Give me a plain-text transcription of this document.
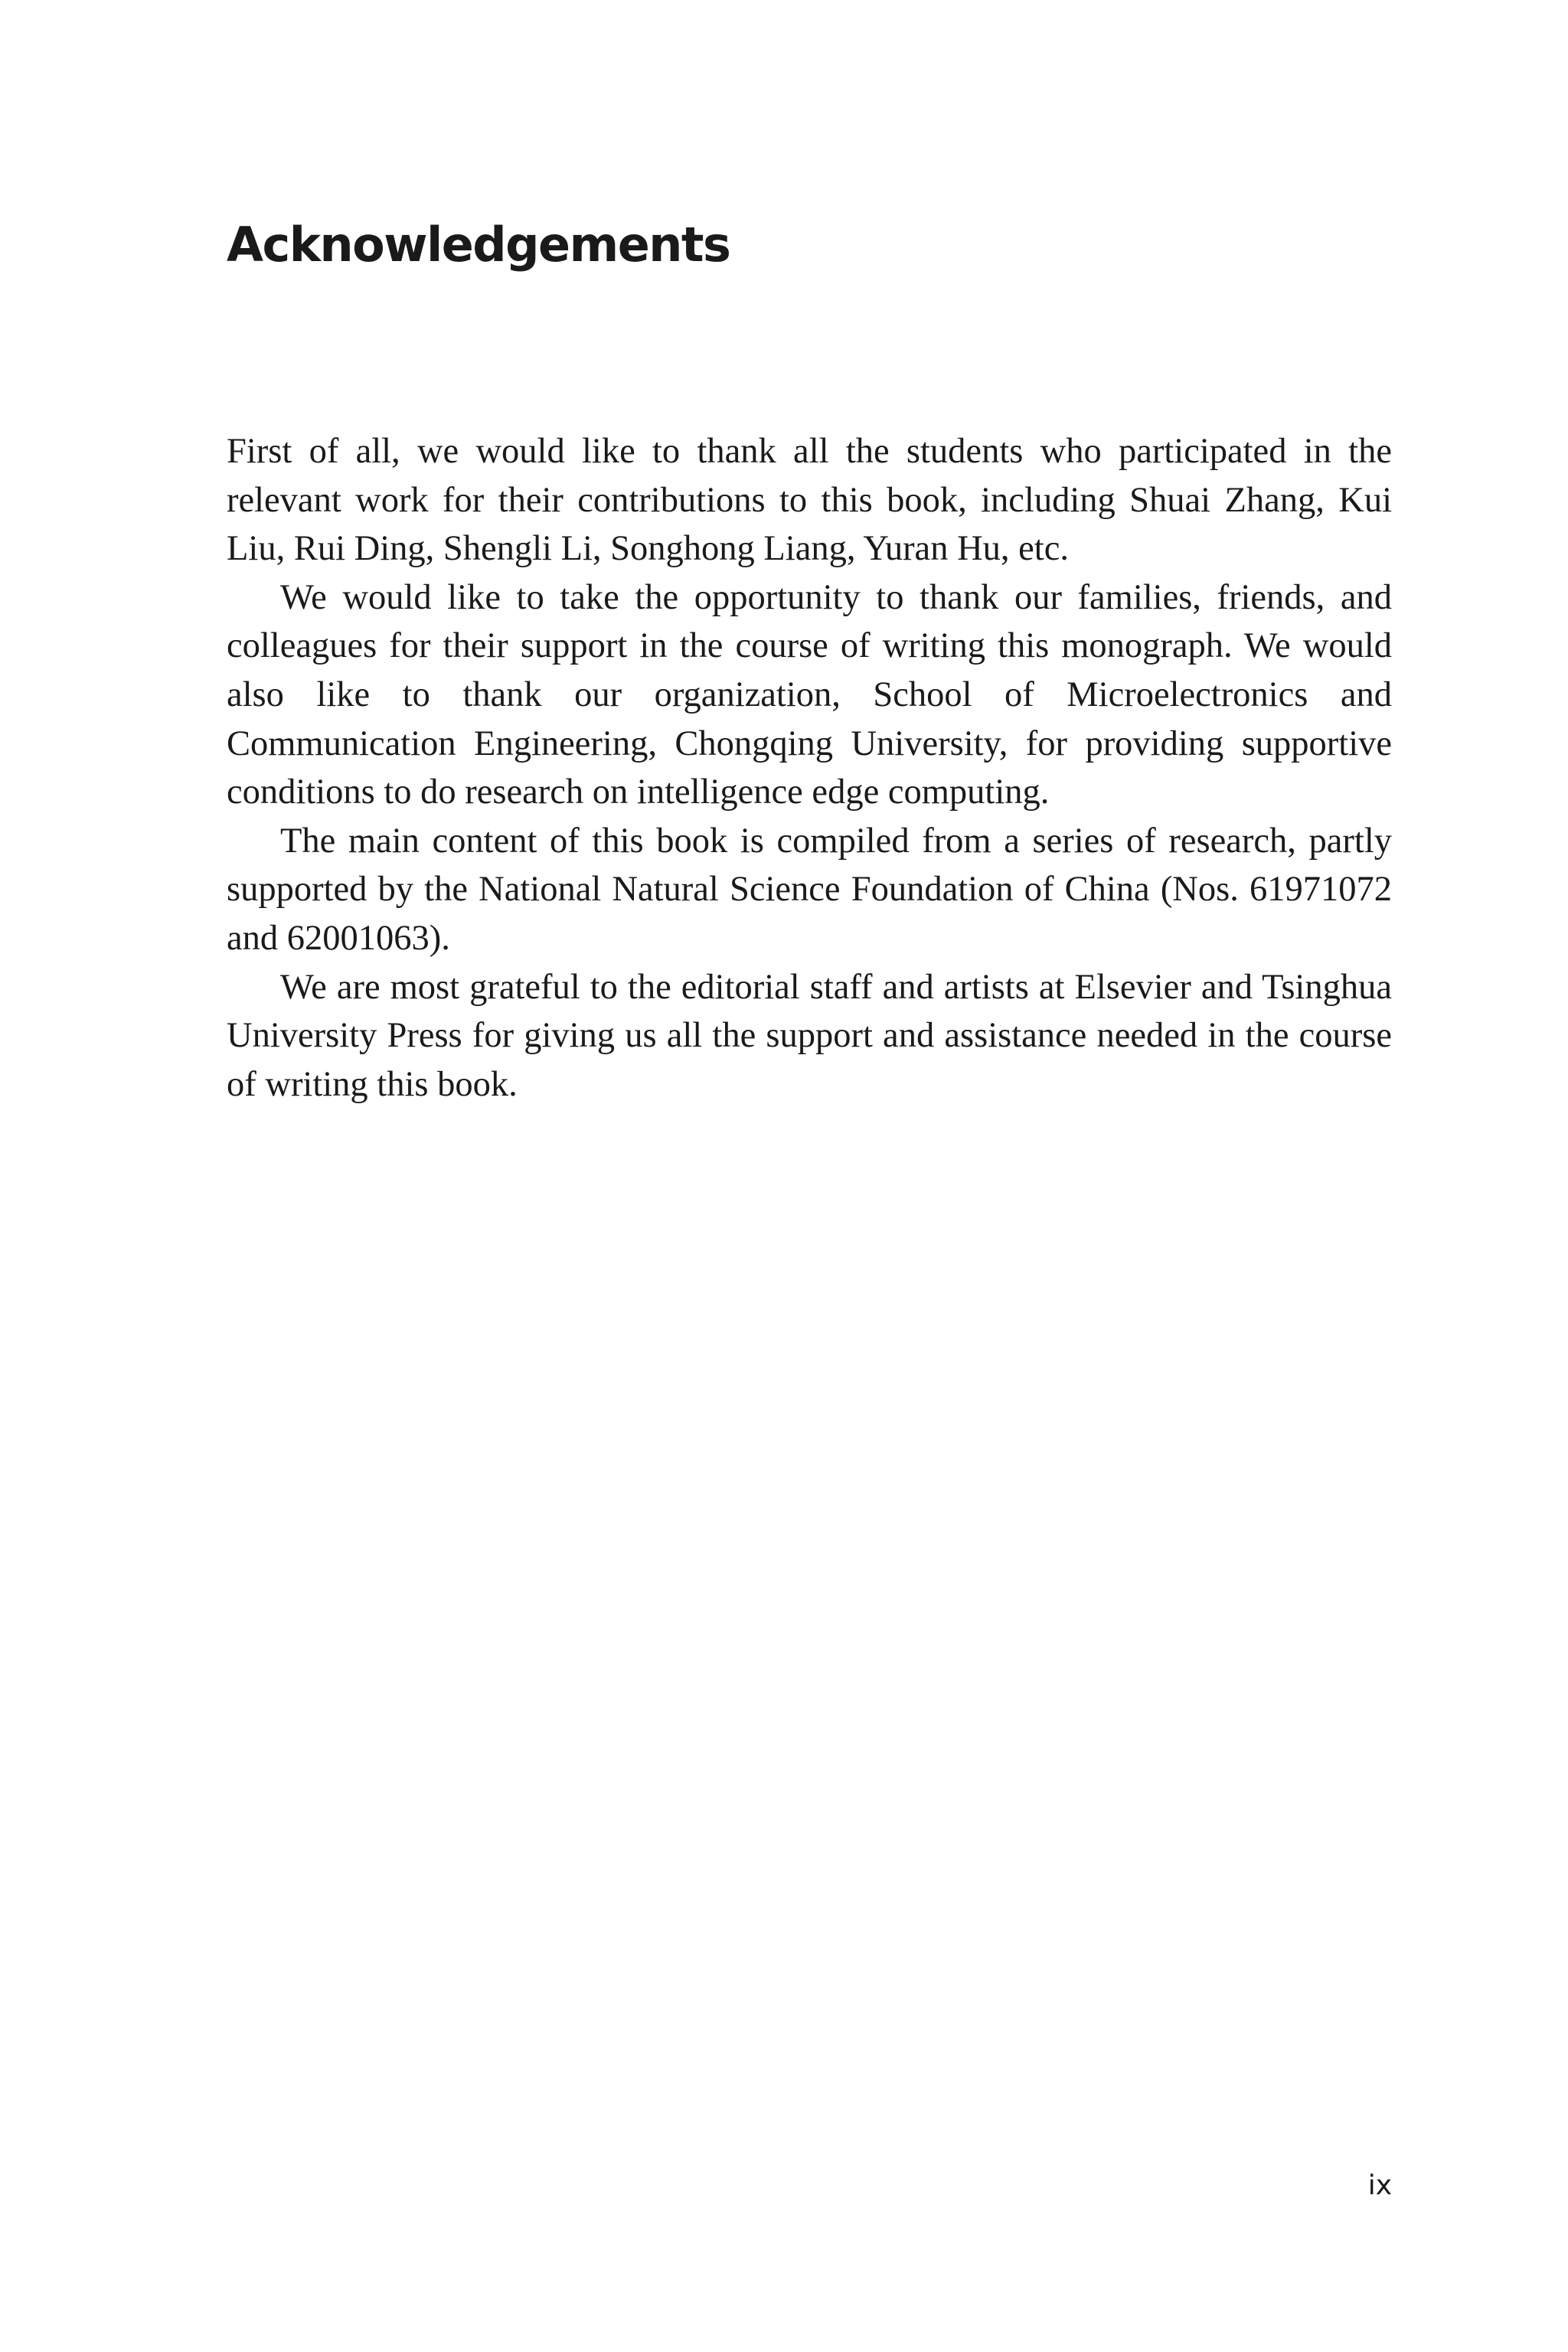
Acknowledgements

First of all, we would like to thank all the students who participated in the relevant work for their contributions to this book, including Shuai Zhang, Kui Liu, Rui Ding, Shengli Li, Songhong Liang, Yuran Hu, etc.

We would like to take the opportunity to thank our families, friends, and colleagues for their support in the course of writing this monograph. We would also like to thank our organization, School of Microelectronics and Communication Engineering, Chongqing University, for providing supportive conditions to do research on intelligence edge computing.

The main content of this book is compiled from a series of research, partly supported by the National Natural Science Foundation of China (Nos. 61971072 and 62001063).

We are most grateful to the editorial staff and artists at Elsevier and Tsinghua University Press for giving us all the support and assistance needed in the course of writing this book.

ix
